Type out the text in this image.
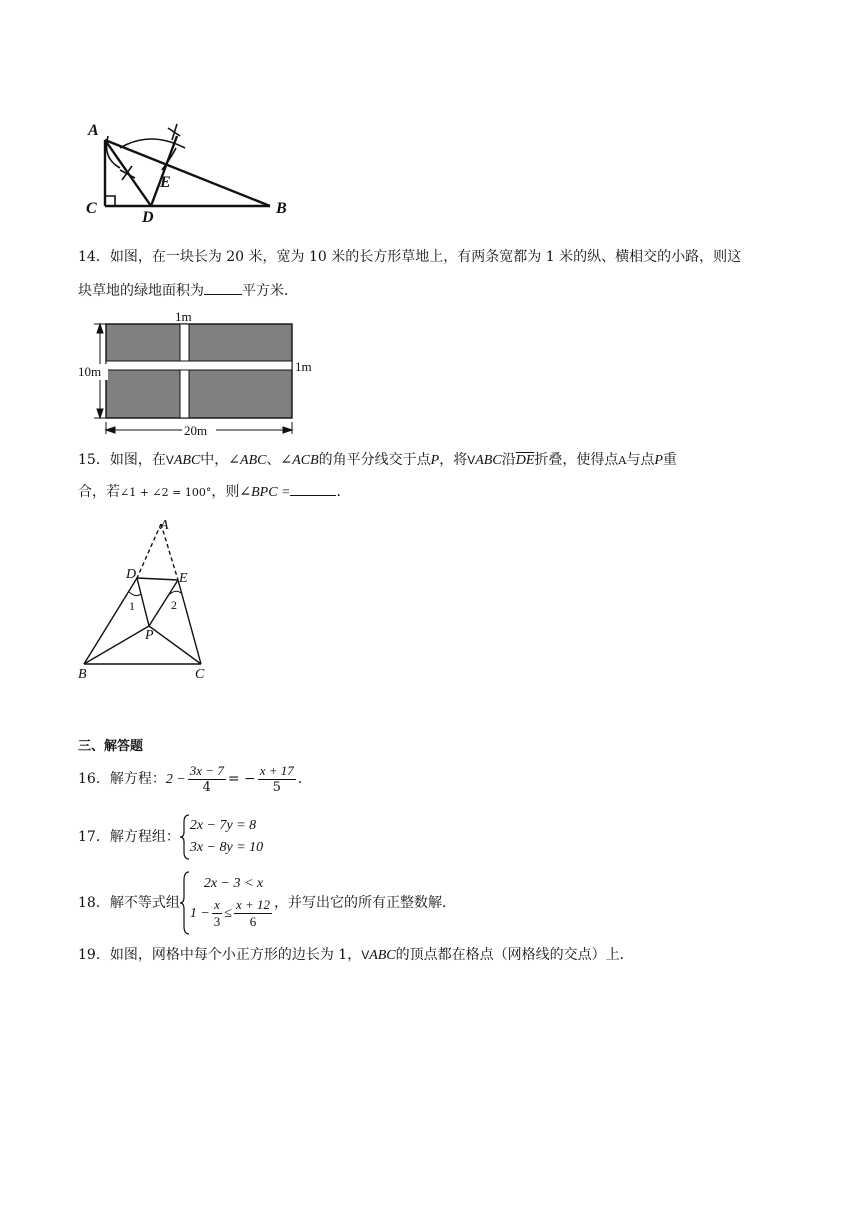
A
C
D
B
E
14．如图，在一块长为 20 米，宽为 10 米的长方形草地上，有两条宽都为 1 米的纵、横相交的小路，则这
块草地的绿地面积为	平方米．
1m
1m
10m
20m
15．如图，在VABC中，∠ABC、∠ACB的角平分线交于点P，将VABC沿$\overline{DE}$折叠，使得点A与点P重
合，若∠1 + ∠2 = 100°，则∠BPC =	．
A
D	E
P
B	C
1	2
三、解答题
16．解方程：$2 - \frac{3x - 7}{4}$ = − $\frac{x + 17}{5}$ ．
17．解方程组：
2x − 7y = 8
3x − 8y = 10
18．解不等式组
2x − 3 < x
$1 - \frac{x}{3} \le \frac{x + 12}{6}$ ，并写出它的所有正整数解．
19．如图，网格中每个小正方形的边长为 1，VABC的顶点都在格点（网格线的交点）上．
